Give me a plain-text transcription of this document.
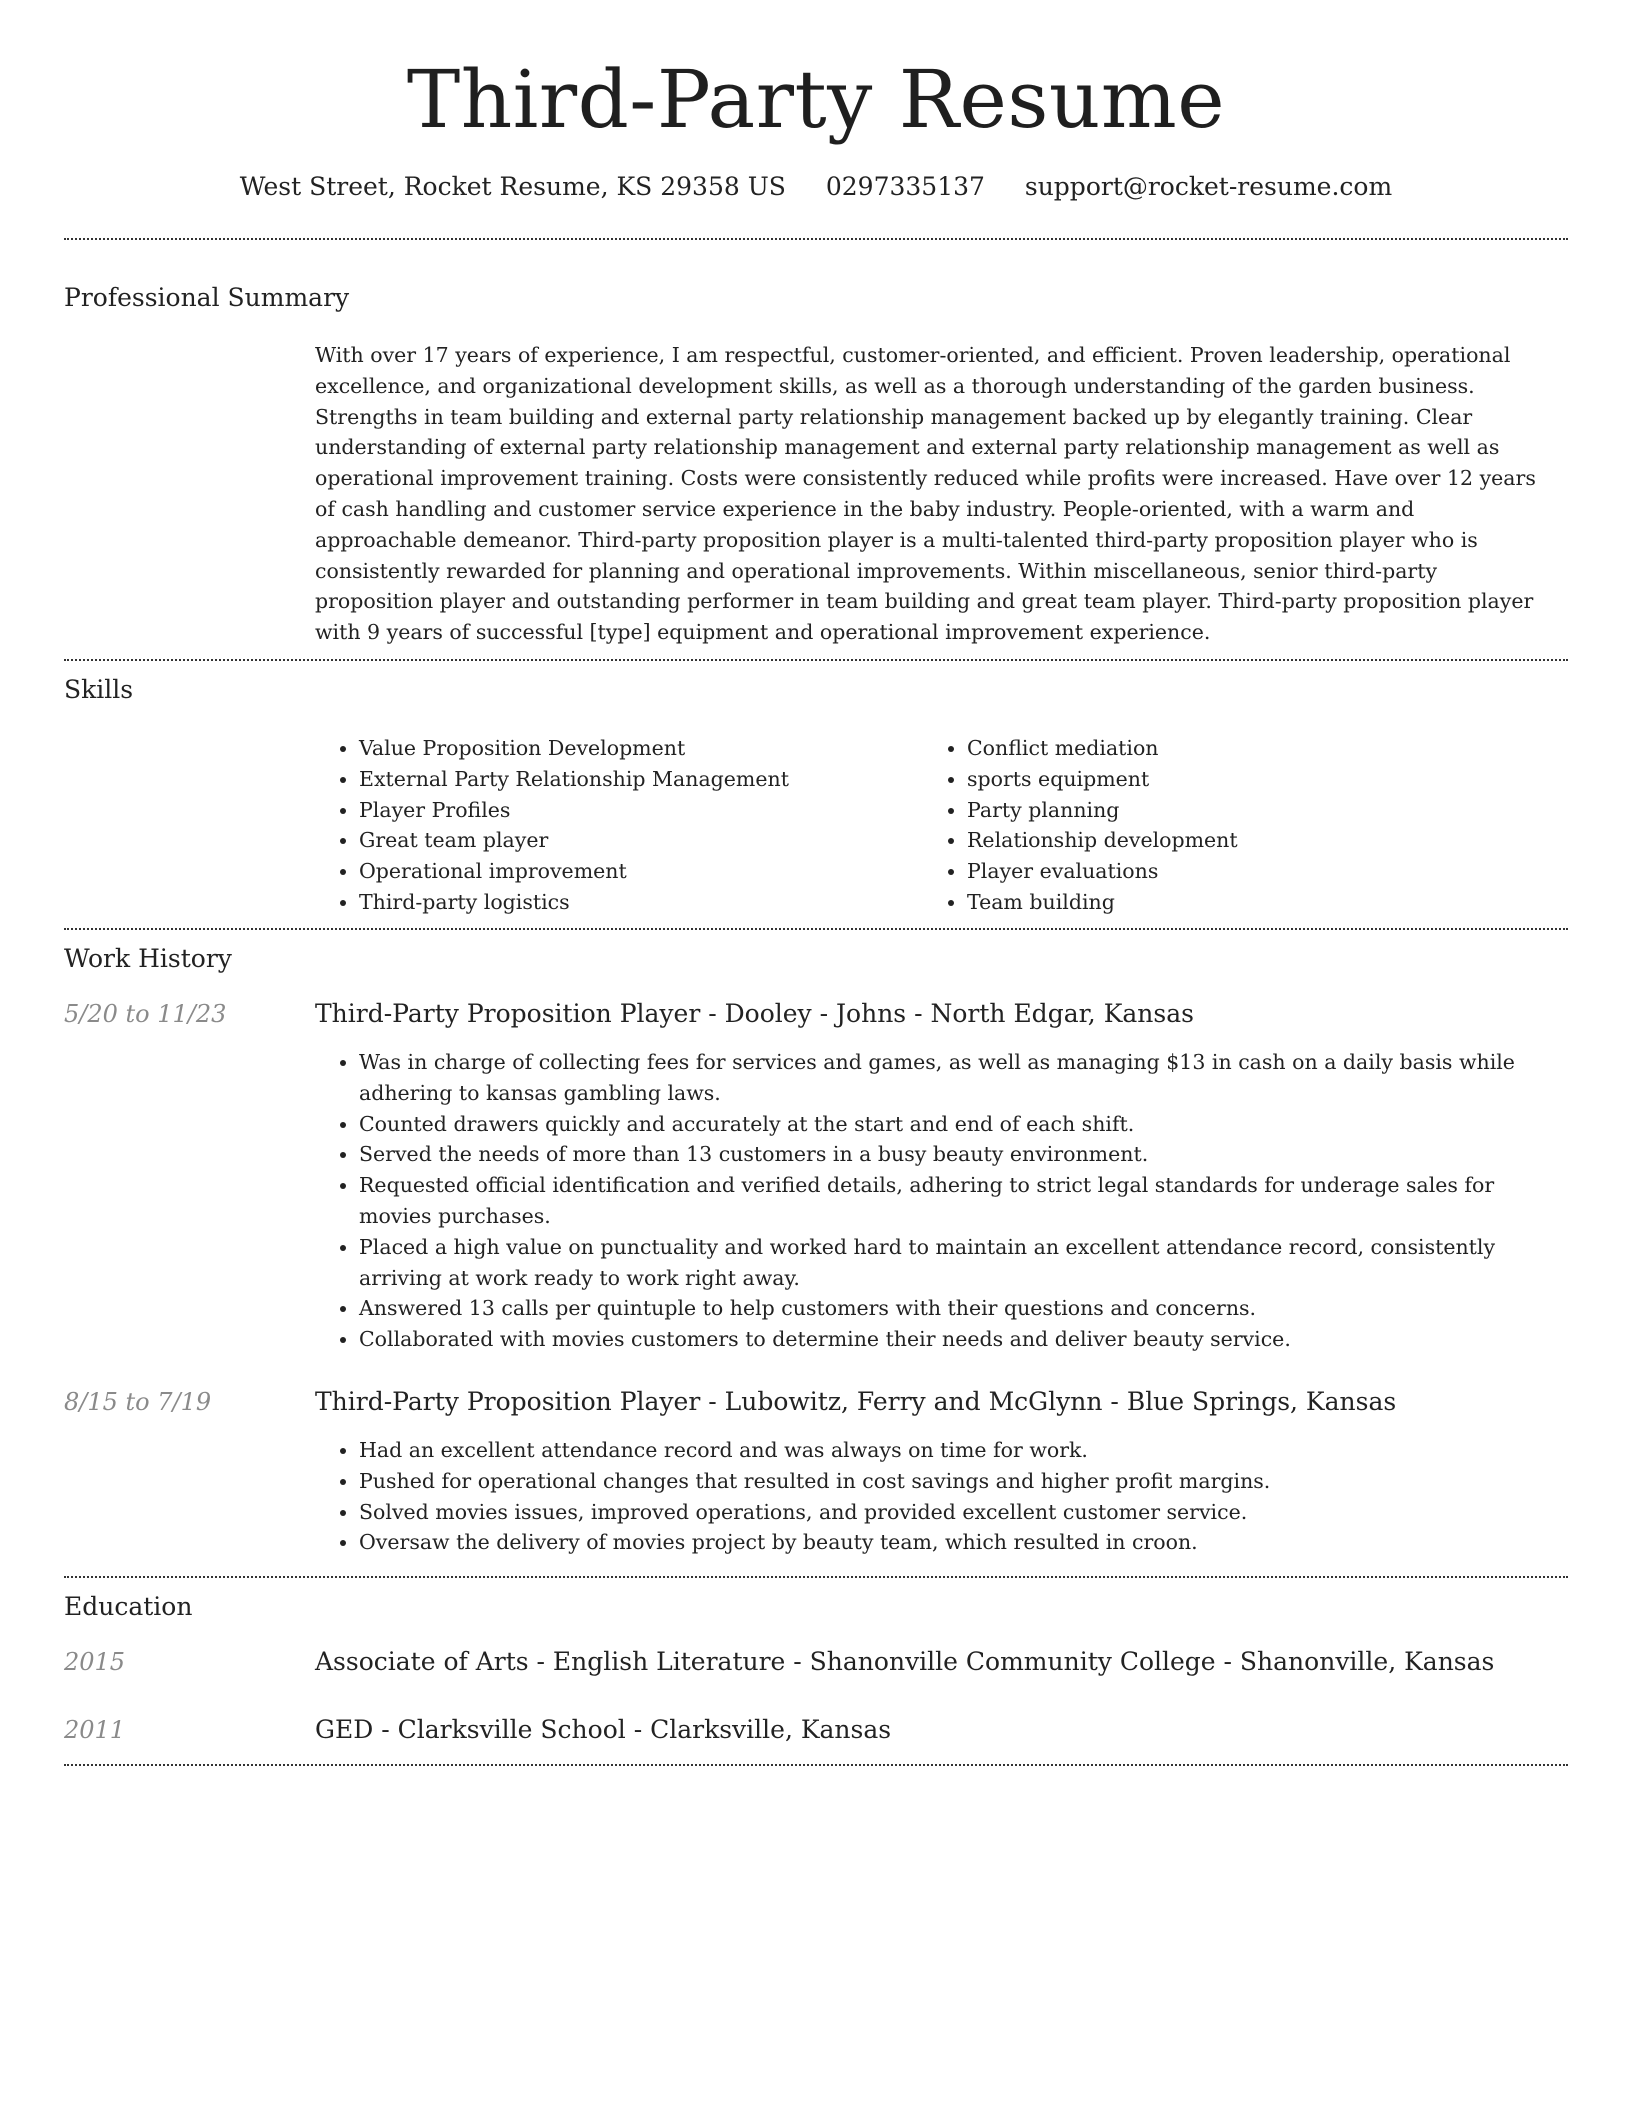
Third-Party Resume
West Street, Rocket Resume, KS 29358 US 0297335137 support@rocket-resume.com
Professional Summary

With over 17 years of experience, I am respectful, customer-oriented, and efficient. Proven leadership, operational excellence, and organizational development skills, as well as a thorough understanding of the garden business. Strengths in team building and external party relationship management backed up by elegantly training. Clear understanding of external party relationship management and external party relationship management as well as operational improvement training. Costs were consistently reduced while profits were increased. Have over 12 years of cash handling and customer service experience in the baby industry. People-oriented, with a warm and approachable demeanor. Third-party proposition player is a multi-talented third-party proposition player who is consistently rewarded for planning and operational improvements. Within miscellaneous, senior third-party proposition player and outstanding performer in team building and great team player. Third-party proposition player with 9 years of successful [type] equipment and operational improvement experience.

Skills
• Value Proposition Development
• External Party Relationship Management
• Player Profiles
• Great team player
• Operational improvement
• Third-party logistics
• Conflict mediation
• sports equipment
• Party planning
• Relationship development
• Player evaluations
• Team building
Work History
5/20 to 11/23	Third-Party Proposition Player - Dooley - Johns - North Edgar, Kansas
• Was in charge of collecting fees for services and games, as well as managing $13 in cash on a daily basis while adhering to kansas gambling laws.
• Counted drawers quickly and accurately at the start and end of each shift.
• Served the needs of more than 13 customers in a busy beauty environment.
• Requested official identification and verified details, adhering to strict legal standards for underage sales for movies purchases.
• Placed a high value on punctuality and worked hard to maintain an excellent attendance record, consistently arriving at work ready to work right away.
• Answered 13 calls per quintuple to help customers with their questions and concerns.
• Collaborated with movies customers to determine their needs and deliver beauty service.
8/15 to 7/19	Third-Party Proposition Player - Lubowitz, Ferry and McGlynn - Blue Springs, Kansas
• Had an excellent attendance record and was always on time for work.
• Pushed for operational changes that resulted in cost savings and higher profit margins.
• Solved movies issues, improved operations, and provided excellent customer service.
• Oversaw the delivery of movies project by beauty team, which resulted in croon.
Education
2015	Associate of Arts - English Literature - Shanonville Community College - Shanonville, Kansas
2011	GED - Clarksville School - Clarksville, Kansas
